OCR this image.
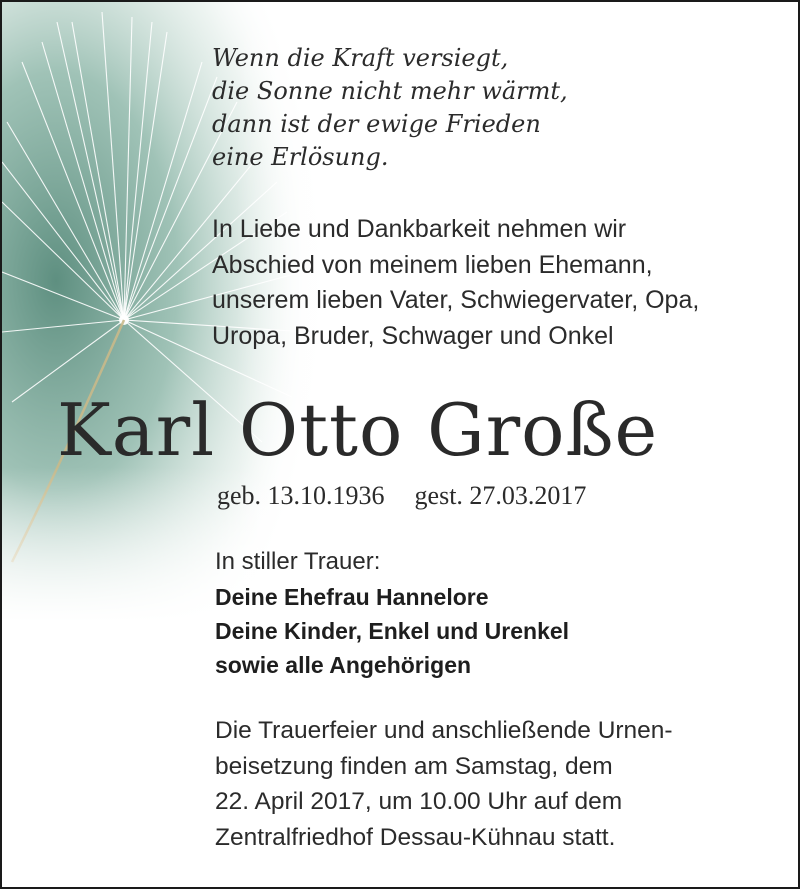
Wenn die Kraft versiegt,
die Sonne nicht mehr wärmt,
dann ist der ewige Frieden
eine Erlösung.
In Liebe und Dankbarkeit nehmen wir
Abschied von meinem lieben Ehemann,
unserem lieben Vater, Schwiegervater, Opa,
Uropa, Bruder, Schwager und Onkel
Karl Otto Große
geb. 13.10.1936 gest. 27.03.2017
In stiller Trauer:
Deine Ehefrau Hannelore
Deine Kinder, Enkel und Urenkel
sowie alle Angehörigen
Die Trauerfeier und anschließende Urnen-
beisetzung finden am Samstag, dem
22. April 2017, um 10.00 Uhr auf dem
Zentralfriedhof Dessau-Kühnau statt.
